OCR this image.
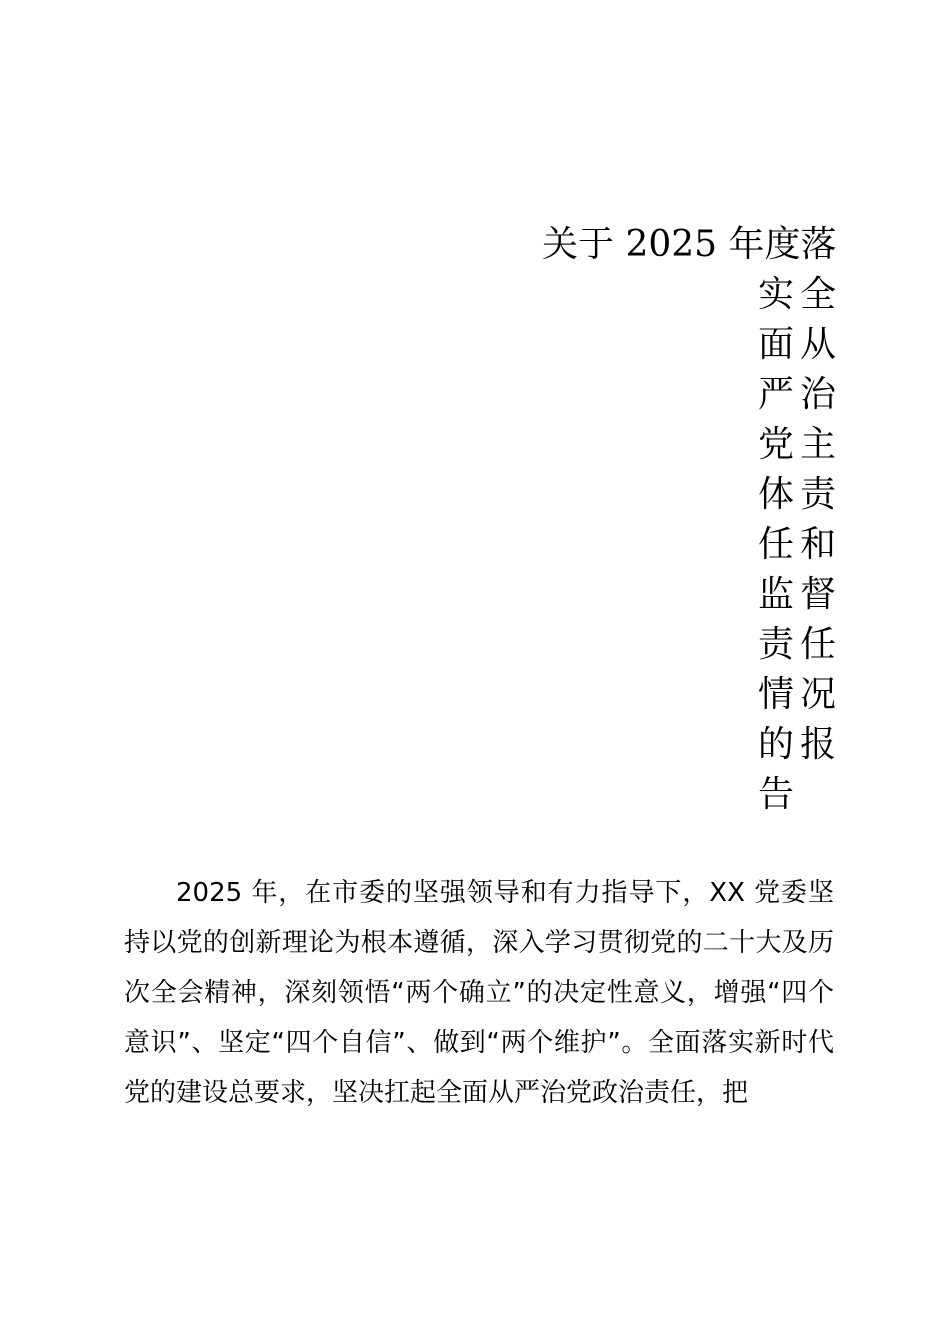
关于 2025 年度落
实 全
面 从
严 治
党 主
体 责
任 和
监 督
责 任
情 况
的 报
告

2025 年，在市委的坚强领导和有力指导下，XX 党委坚持以党的创新理论为根本遵循，深入学习贯彻党的二十大及历次全会精神，深刻领悟“两个确立”的决定性意义，增强“四个意识”、坚定“四个自信”、做到“两个维护”。全面落实新时代党的建设总要求，坚决扛起全面从严治党政治责任，把
